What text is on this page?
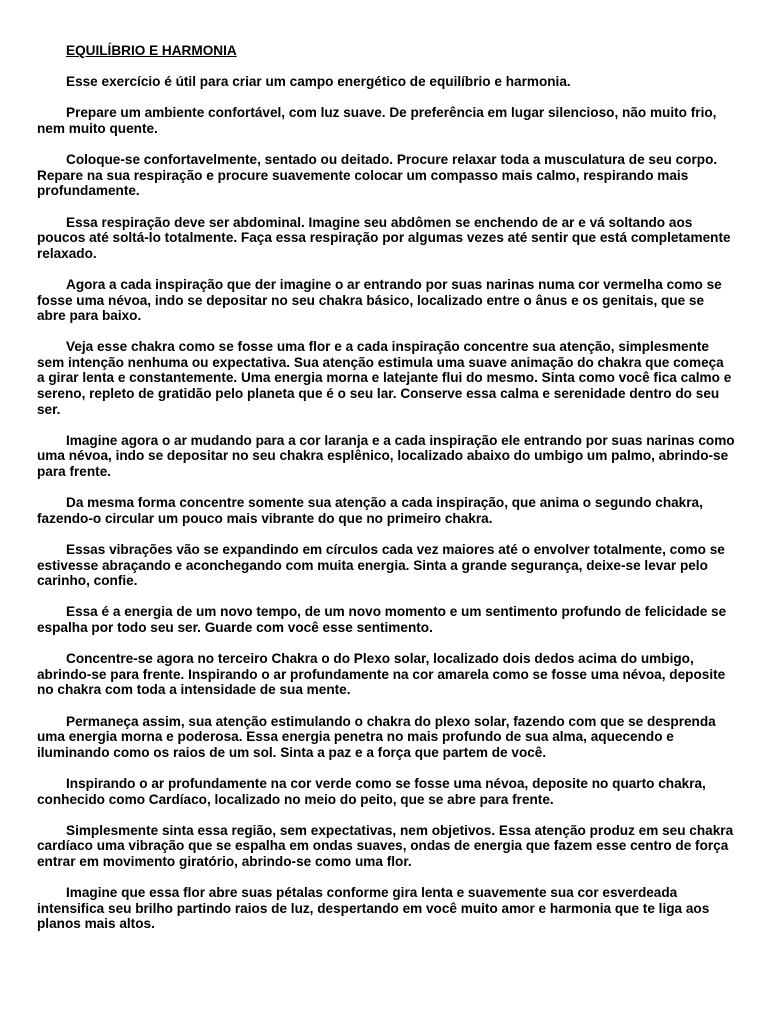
EQUILÍBRIO E HARMONIA

Esse exercício é útil para criar um campo energético de equilíbrio e harmonia.

Prepare um ambiente confortável, com luz suave. De preferência em lugar silencioso, não muito frio, nem muito quente.

Coloque-se confortavelmente, sentado ou deitado. Procure relaxar toda a musculatura de seu corpo. Repare na sua respiração e procure suavemente colocar um compasso mais calmo, respirando mais profundamente.

Essa respiração deve ser abdominal. Imagine seu abdômen se enchendo de ar e vá soltando aos poucos até soltá-lo totalmente. Faça essa respiração por algumas vezes até sentir que está completamente relaxado.

Agora a cada inspiração que der imagine o ar entrando por suas narinas numa cor vermelha como se fosse uma névoa, indo se depositar no seu chakra básico, localizado entre o ânus e os genitais, que se abre para baixo.

Veja esse chakra como se fosse uma flor e a cada inspiração concentre sua atenção, simplesmente sem intenção nenhuma ou expectativa. Sua atenção estimula uma suave animação do chakra que começa a girar lenta e constantemente. Uma energia morna e latejante flui do mesmo. Sinta como você fica calmo e sereno, repleto de gratidão pelo planeta que é o seu lar. Conserve essa calma e serenidade dentro do seu ser.

Imagine agora o ar mudando para a cor laranja e a cada inspiração ele entrando por suas narinas como uma névoa, indo se depositar no seu chakra esplênico, localizado abaixo do umbigo um palmo, abrindo-se para frente.

Da mesma forma concentre somente sua atenção a cada inspiração, que anima o segundo chakra, fazendo-o circular um pouco mais vibrante do que no primeiro chakra.

Essas vibrações vão se expandindo em círculos cada vez maiores até o envolver totalmente, como se estivesse abraçando e aconchegando com muita energia. Sinta a grande segurança, deixe-se levar pelo carinho, confie.

Essa é a energia de um novo tempo, de um novo momento e um sentimento profundo de felicidade se espalha por todo seu ser. Guarde com você esse sentimento.

Concentre-se agora no terceiro Chakra o do Plexo solar, localizado dois dedos acima do umbigo, abrindo-se para frente. Inspirando o ar profundamente na cor amarela como se fosse uma névoa, deposite no chakra com toda a intensidade de sua mente.

Permaneça assim, sua atenção estimulando o chakra do plexo solar, fazendo com que se desprenda uma energia morna e poderosa. Essa energia penetra no mais profundo de sua alma, aquecendo e iluminando como os raios de um sol. Sinta a paz e a força que partem de você.

Inspirando o ar profundamente na cor verde como se fosse uma névoa, deposite no quarto chakra, conhecido como Cardíaco, localizado no meio do peito, que se abre para frente.

Simplesmente sinta essa região, sem expectativas, nem objetivos. Essa atenção produz em seu chakra cardíaco uma vibração que se espalha em ondas suaves, ondas de energia que fazem esse centro de força entrar em movimento giratório, abrindo-se como uma flor.

Imagine que essa flor abre suas pétalas conforme gira lenta e suavemente sua cor esverdeada intensifica seu brilho partindo raios de luz, despertando em você muito amor e harmonia que te liga aos planos mais altos.
